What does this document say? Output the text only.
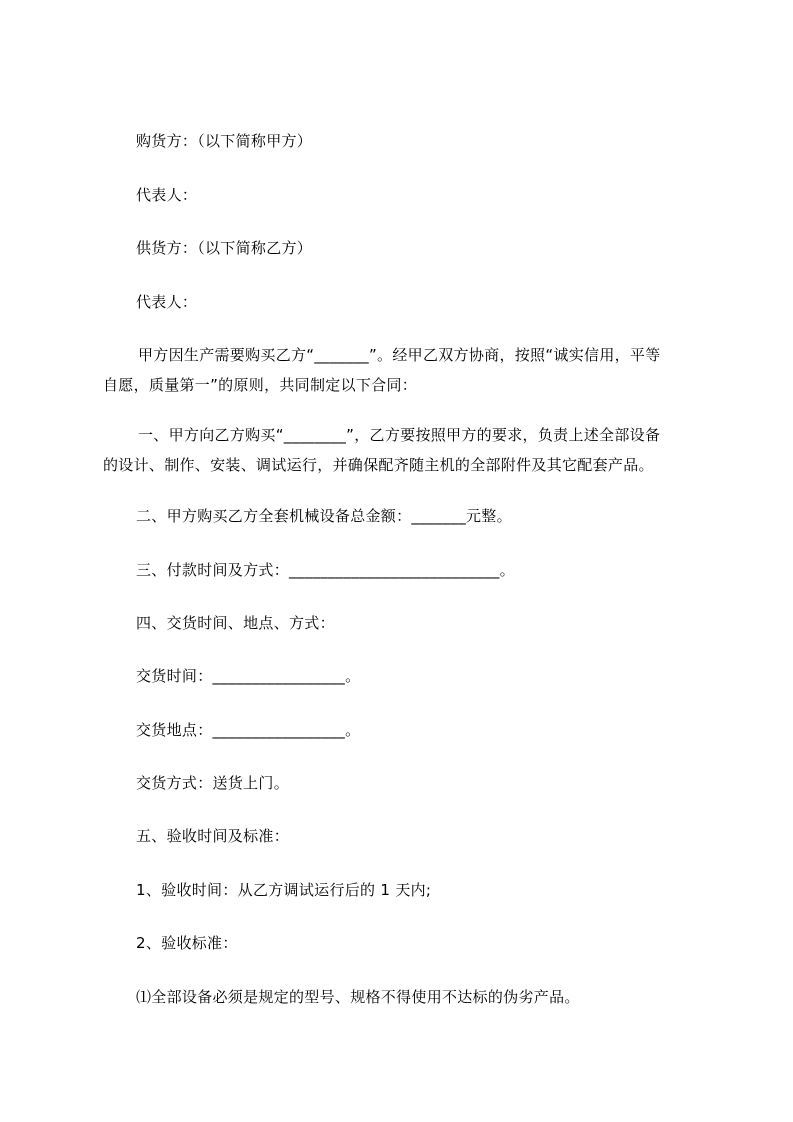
购货方：（以下简称甲方）
代表人：
供货方：（以下简称乙方）
代表人：
甲方因生产需要购买乙方“_______”。经甲乙双方协商，按照“诚实信用，平等
自愿，质量第一”的原则，共同制定以下合同：
一、甲方向乙方购买“________”，乙方要按照甲方的要求，负责上述全部设备
的设计、制作、安装、调试运行，并确保配齐随主机的全部附件及其它配套产品。
二、甲方购买乙方全套机械设备总金额：_______元整。
三、付款时间及方式：___________________________。
四、交货时间、地点、方式：
交货时间：_________________。
交货地点：_________________。
交货方式：送货上门。
五、验收时间及标准：
1、验收时间：从乙方调试运行后的 1 天内;
2、验收标准：
⑴全部设备必须是规定的型号、规格不得使用不达标的伪劣产品。
